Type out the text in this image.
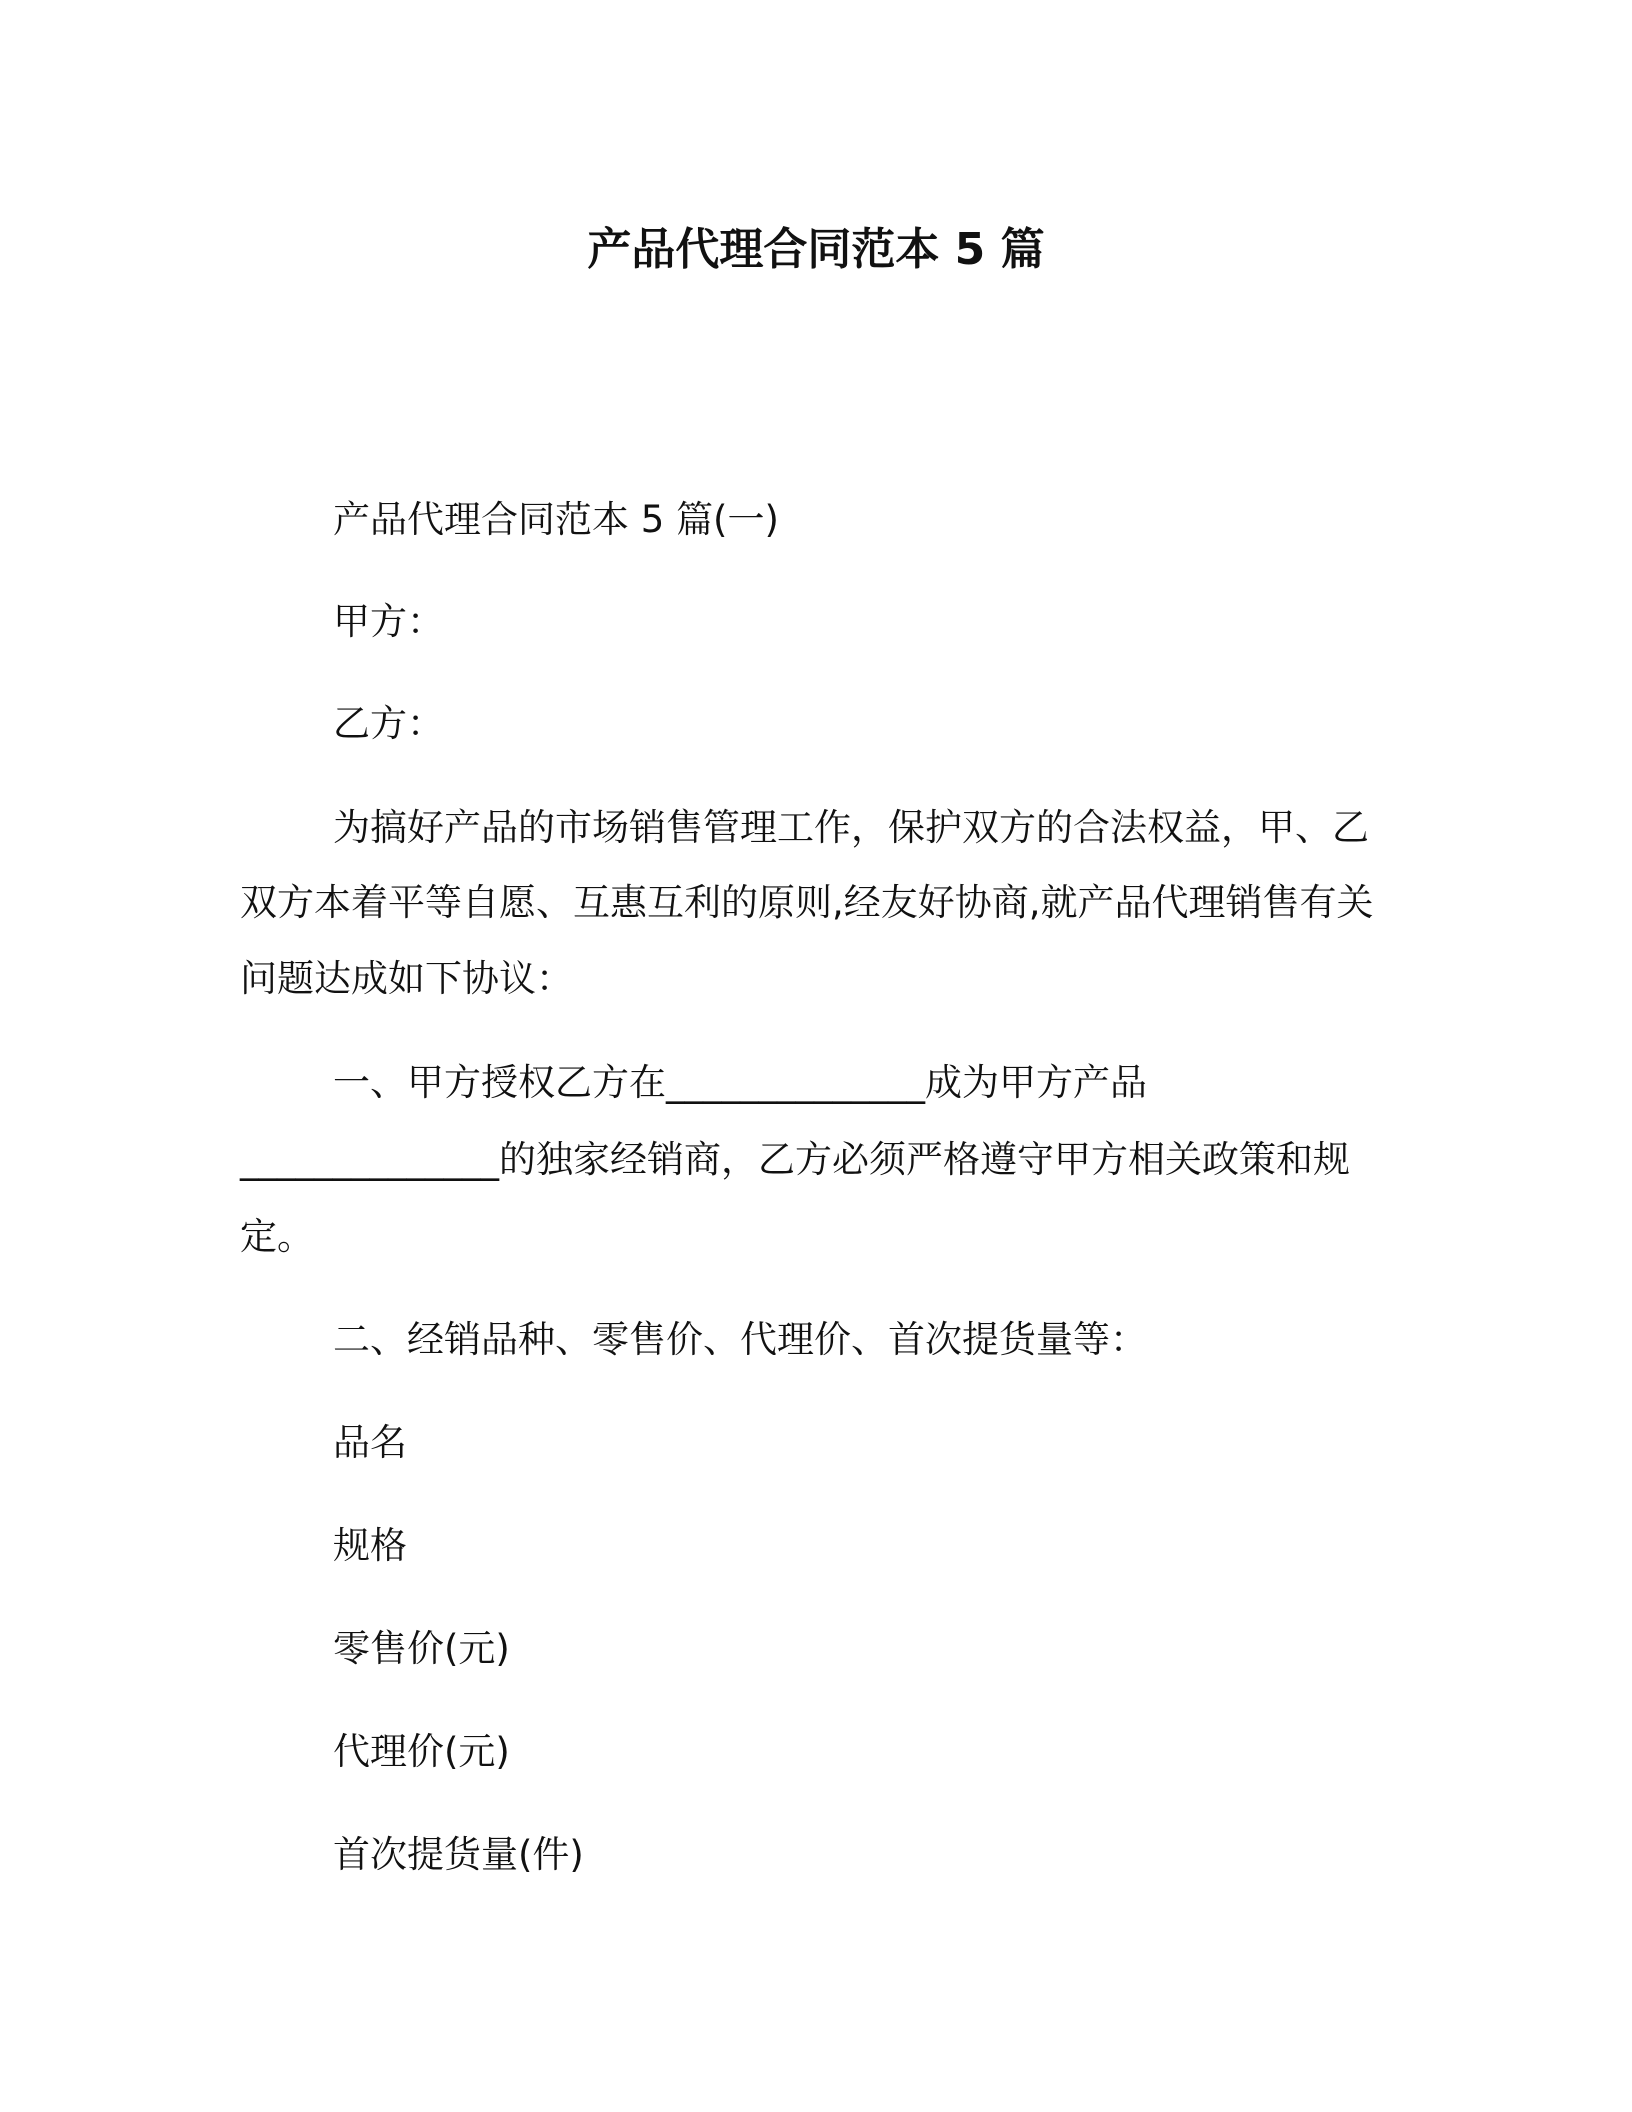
产品代理合同范本 5 篇
产品代理合同范本 5 篇(一)
甲方：
乙方：
为搞好产品的市场销售管理工作，保护双方的合法权益，甲、乙
双方本着平等自愿、互惠互利的原则,经友好协商,就产品代理销售有关
问题达成如下协议：
一、甲方授权乙方在______________成为甲方产品
______________的独家经销商，乙方必须严格遵守甲方相关政策和规
定。
二、经销品种、零售价、代理价、首次提货量等：
品名
规格
零售价(元)
代理价(元)
首次提货量(件)
